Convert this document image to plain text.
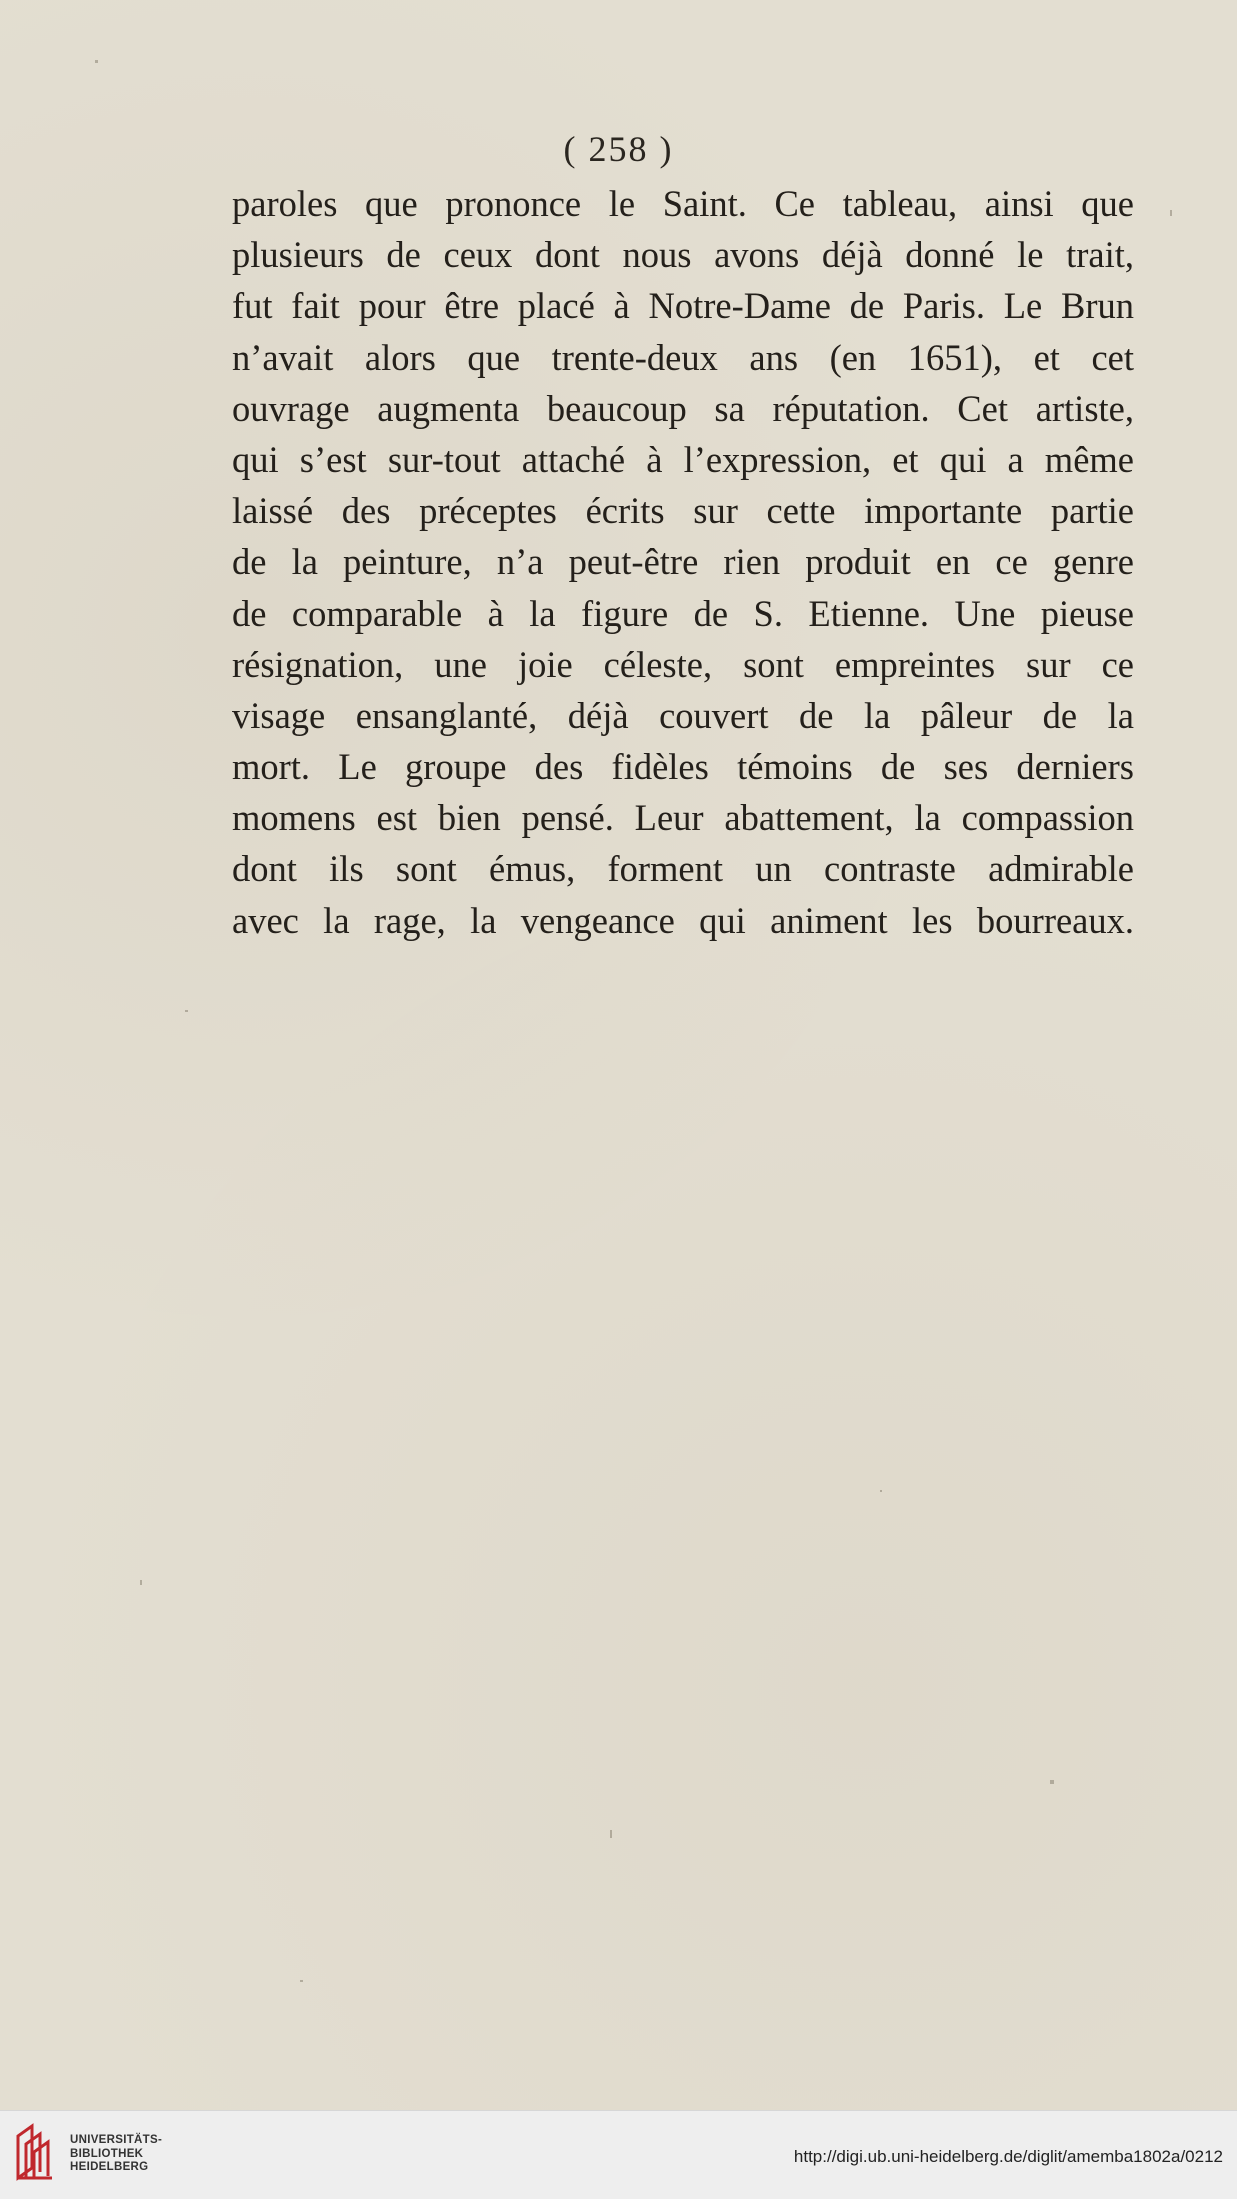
( 258 )
paroles que prononce le Saint. Ce tableau, ainsi que
plusieurs de ceux dont nous avons déjà donné le trait,
fut fait pour être placé à Notre-Dame de Paris. Le Brun
n’avait alors que trente-deux ans (en 1651), et cet
ouvrage augmenta beaucoup sa réputation. Cet artiste,
qui s’est sur-tout attaché à l’expression, et qui a même
laissé des préceptes écrits sur cette importante partie
de la peinture, n’a peut-être rien produit en ce genre
de comparable à la figure de S. Etienne. Une pieuse
résignation, une joie céleste, sont empreintes sur ce
visage ensanglanté, déjà couvert de la pâleur de la
mort. Le groupe des fidèles témoins de ses derniers
momens est bien pensé. Leur abattement, la compassion
dont ils sont émus, forment un contraste admirable
avec la rage, la vengeance qui animent les bourreaux.
UNIVERSITÄTS-
BIBLIOTHEK
HEIDELBERG
http://digi.ub.uni-heidelberg.de/diglit/amemba1802a/0212
